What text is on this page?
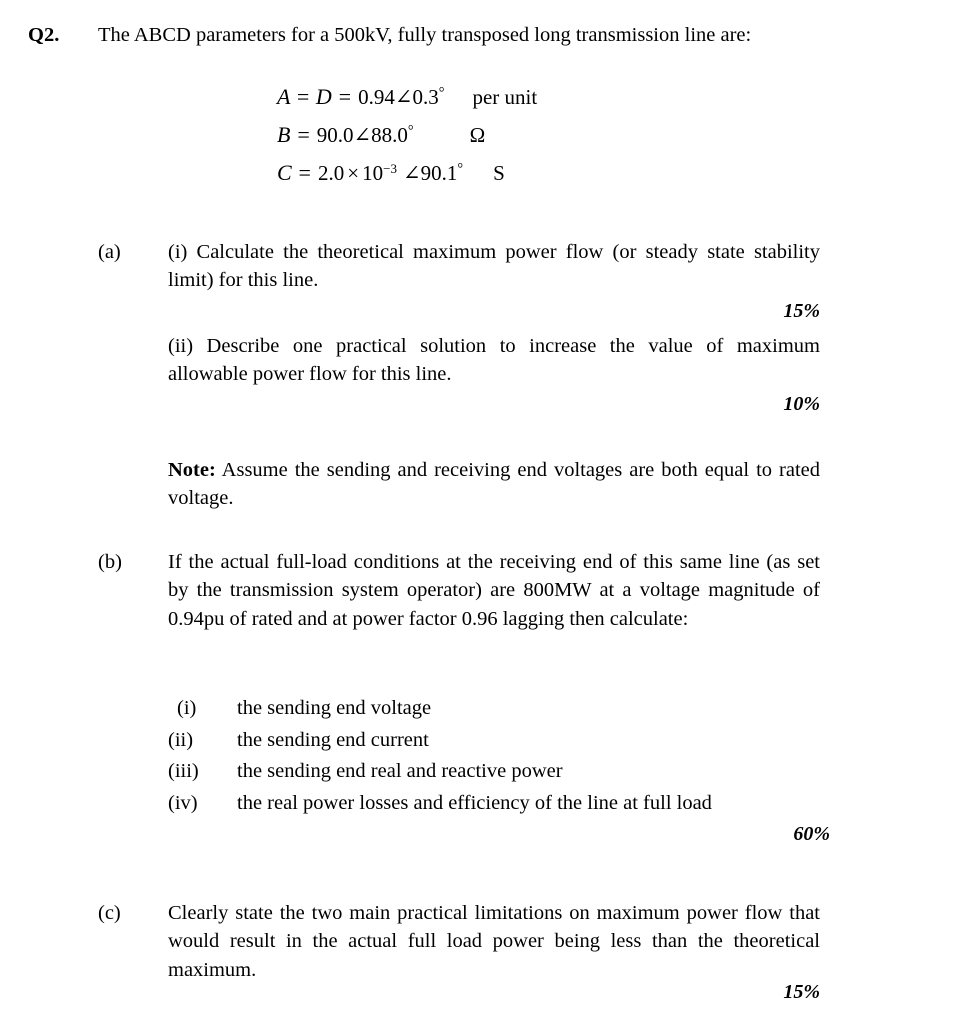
Q2.	The ABCD parameters for a 500kV, fully transposed long transmission line are:
A = D = 0.94∠0.3° per unit
B = 90.0∠88.0°	Ω
$C = 2.0 \times 10^{-3}$ ∠90.1° S
(a)	(i) Calculate the theoretical maximum power flow (or steady state stability limit) for this line.

15%

(ii) Describe one practical solution to increase the value of maximum allowable power flow for this line.

10%

Note: Assume the sending and receiving end voltages are both equal to rated voltage.

(b)	If the actual full-load conditions at the receiving end of this same line (as set by the transmission system operator) are 800MW at a voltage magnitude of 0.94pu of rated and at power factor 0.96 lagging then calculate:

(i)	the sending end voltage
(ii)	the sending end current
(iii)	the sending end real and reactive power
(iv)	the real power losses and efficiency of the line at full load
60%
(c)	Clearly state the two main practical limitations on maximum power flow that would result in the actual full load power being less than the theoretical maximum.

15%
